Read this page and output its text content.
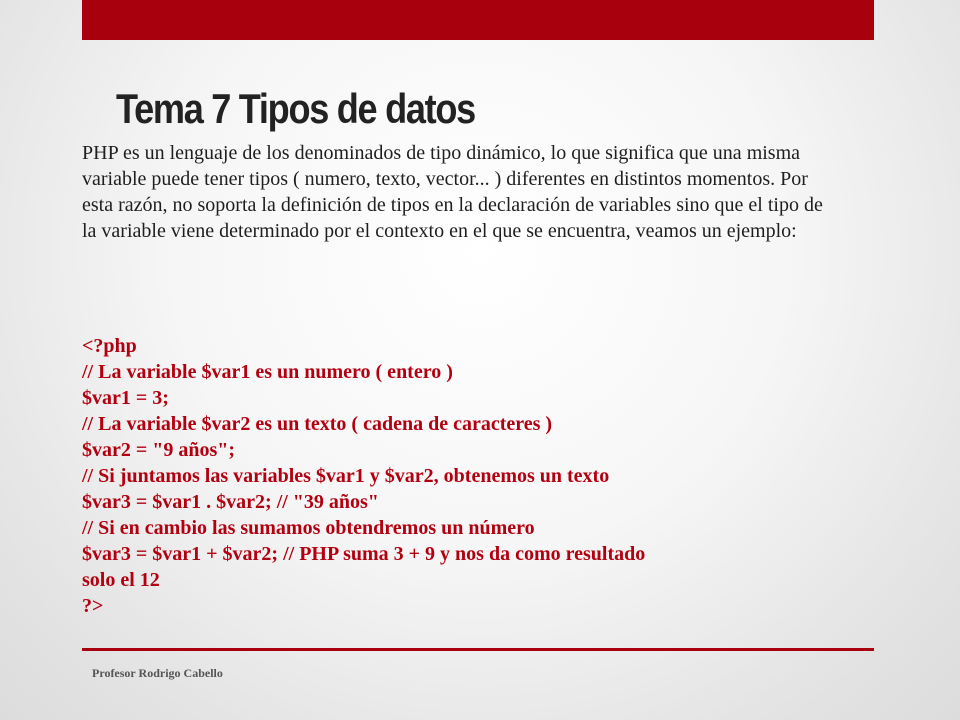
Tema 7 Tipos de datos

PHP es un lenguaje de los denominados de tipo dinámico, lo que significa que una misma variable puede tener tipos ( numero, texto, vector... ) diferentes en distintos momentos. Por esta razón, no soporta la definición de tipos en la declaración de variables sino que el tipo de la variable viene determinado por el contexto en el que se encuentra, veamos un ejemplo:

<?php
// La variable $var1 es un numero ( entero )
$var1 = 3;
// La variable $var2 es un texto ( cadena de caracteres )
$var2 = "9 años";
// Si juntamos las variables $var1 y $var2, obtenemos un texto
$var3 = $var1 . $var2; // "39 años"
// Si en cambio las sumamos obtendremos un número
$var3 = $var1 + $var2; // PHP suma 3 + 9 y nos da como resultado
solo el 12
?>

Profesor Rodrigo Cabello
